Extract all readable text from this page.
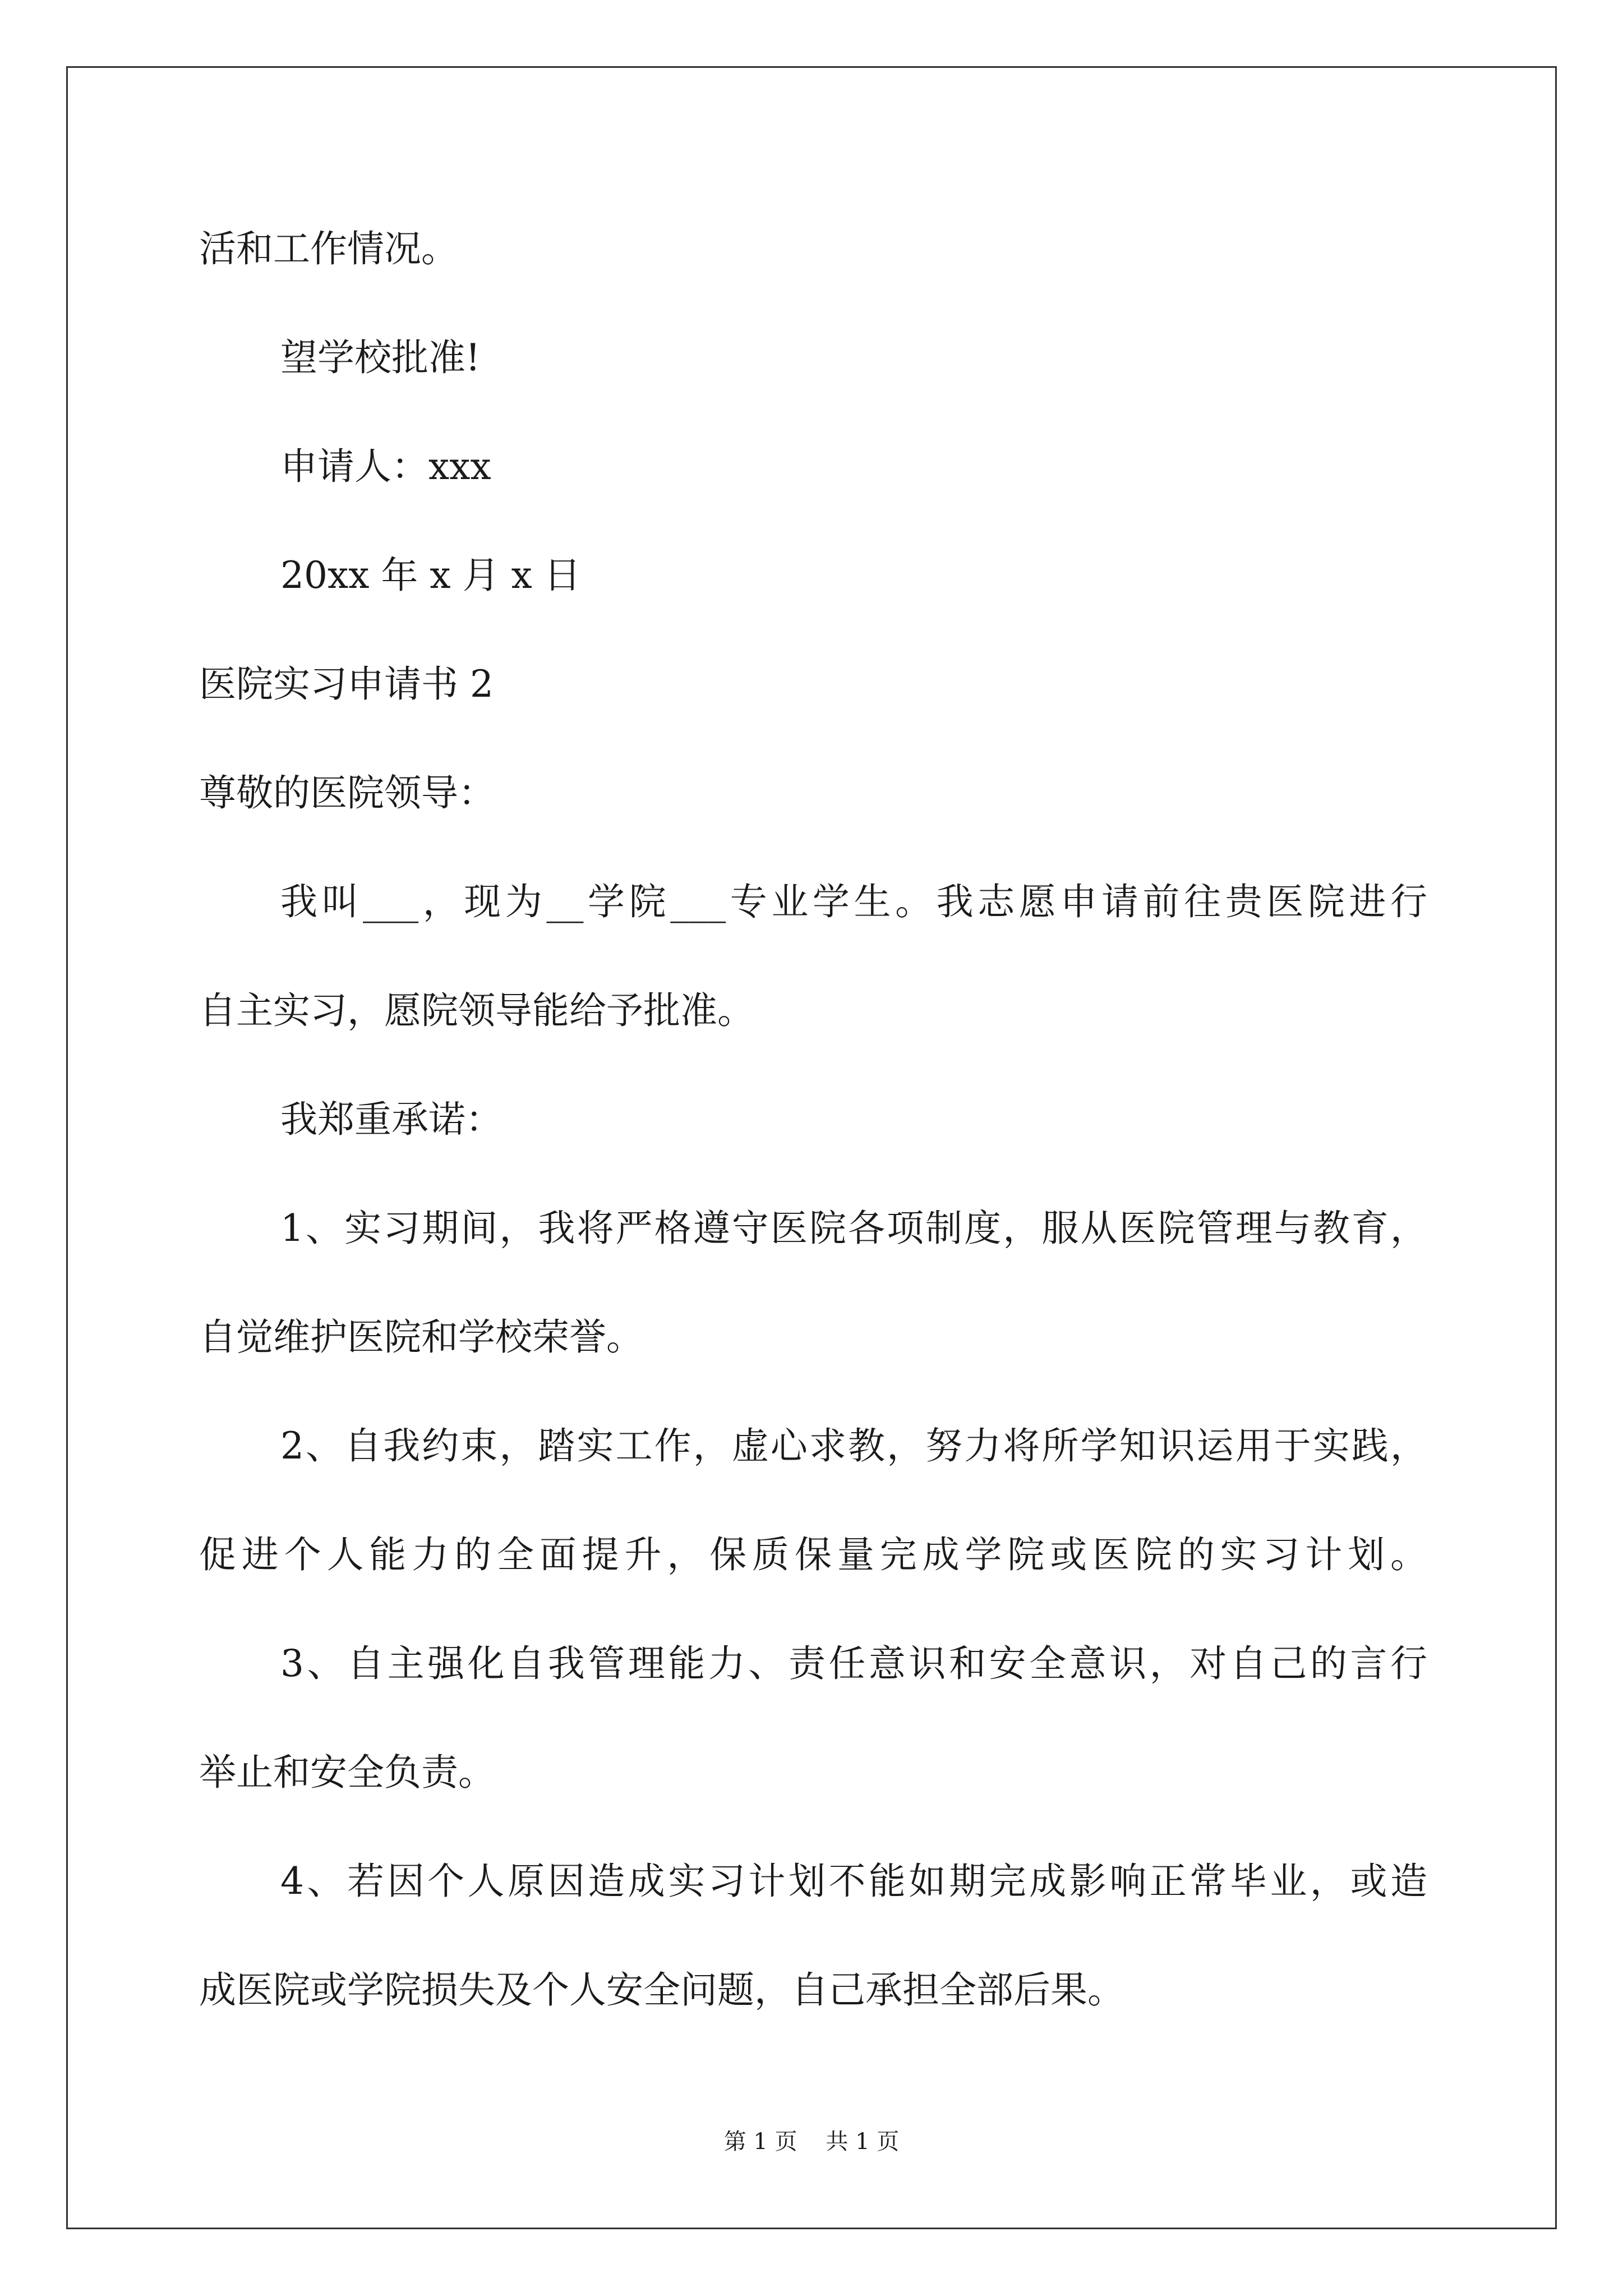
活和工作情况。

望学校批准!

申请人：xxx

20xx 年 x 月 x 日

医院实习申请书 2

尊敬的医院领导：

我叫___，现为__学院___专业学生。我志愿申请前往贵医院进行

自主实习，愿院领导能给予批准。

我郑重承诺：

1、实习期间，我将严格遵守医院各项制度，服从医院管理与教育，

自觉维护医院和学校荣誉。

2、自我约束，踏实工作，虚心求教，努力将所学知识运用于实践，

促进个人能力的全面提升，保质保量完成学院或医院的实习计划。

3、自主强化自我管理能力、责任意识和安全意识，对自己的言行

举止和安全负责。

4、若因个人原因造成实习计划不能如期完成影响正常毕业，或造

成医院或学院损失及个人安全问题，自己承担全部后果。

第 1 页    共 1 页
